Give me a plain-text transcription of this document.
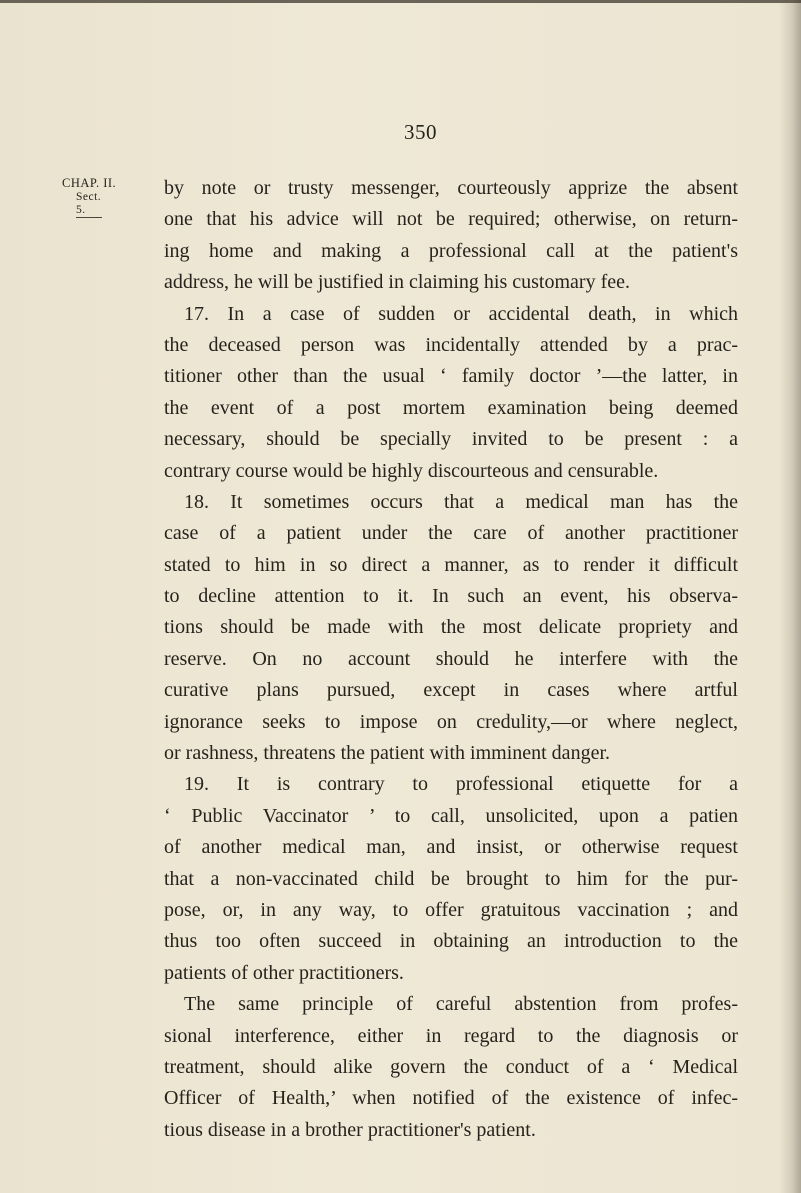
350
CHAP. II.
Sect. 5.
by note or trusty messenger, courteously apprize the absent
one that his advice will not be required; otherwise, on return-
ing home and making a professional call at the patient's
address, he will be justified in claiming his customary fee.
17. In a case of sudden or accidental death, in which
the deceased person was incidentally attended by a prac-
titioner other than the usual ‘ family doctor ’—the latter, in
the event of a post mortem examination being deemed
necessary, should be specially invited to be present : a
contrary course would be highly discourteous and censurable.
18. It sometimes occurs that a medical man has the
case of a patient under the care of another practitioner
stated to him in so direct a manner, as to render it difficult
to decline attention to it. In such an event, his observa-
tions should be made with the most delicate propriety and
reserve. On no account should he interfere with the
curative plans pursued, except in cases where artful
ignorance seeks to impose on credulity,—or where neglect,
or rashness, threatens the patient with imminent danger.
19. It is contrary to professional etiquette for a
‘ Public Vaccinator ’ to call, unsolicited, upon a patien
of another medical man, and insist, or otherwise request
that a non-vaccinated child be brought to him for the pur-
pose, or, in any way, to offer gratuitous vaccination ; and
thus too often succeed in obtaining an introduction to the
patients of other practitioners.
The same principle of careful abstention from profes-
sional interference, either in regard to the diagnosis or
treatment, should alike govern the conduct of a ‘ Medical
Officer of Health,’ when notified of the existence of infec-
tious disease in a brother practitioner's patient.
